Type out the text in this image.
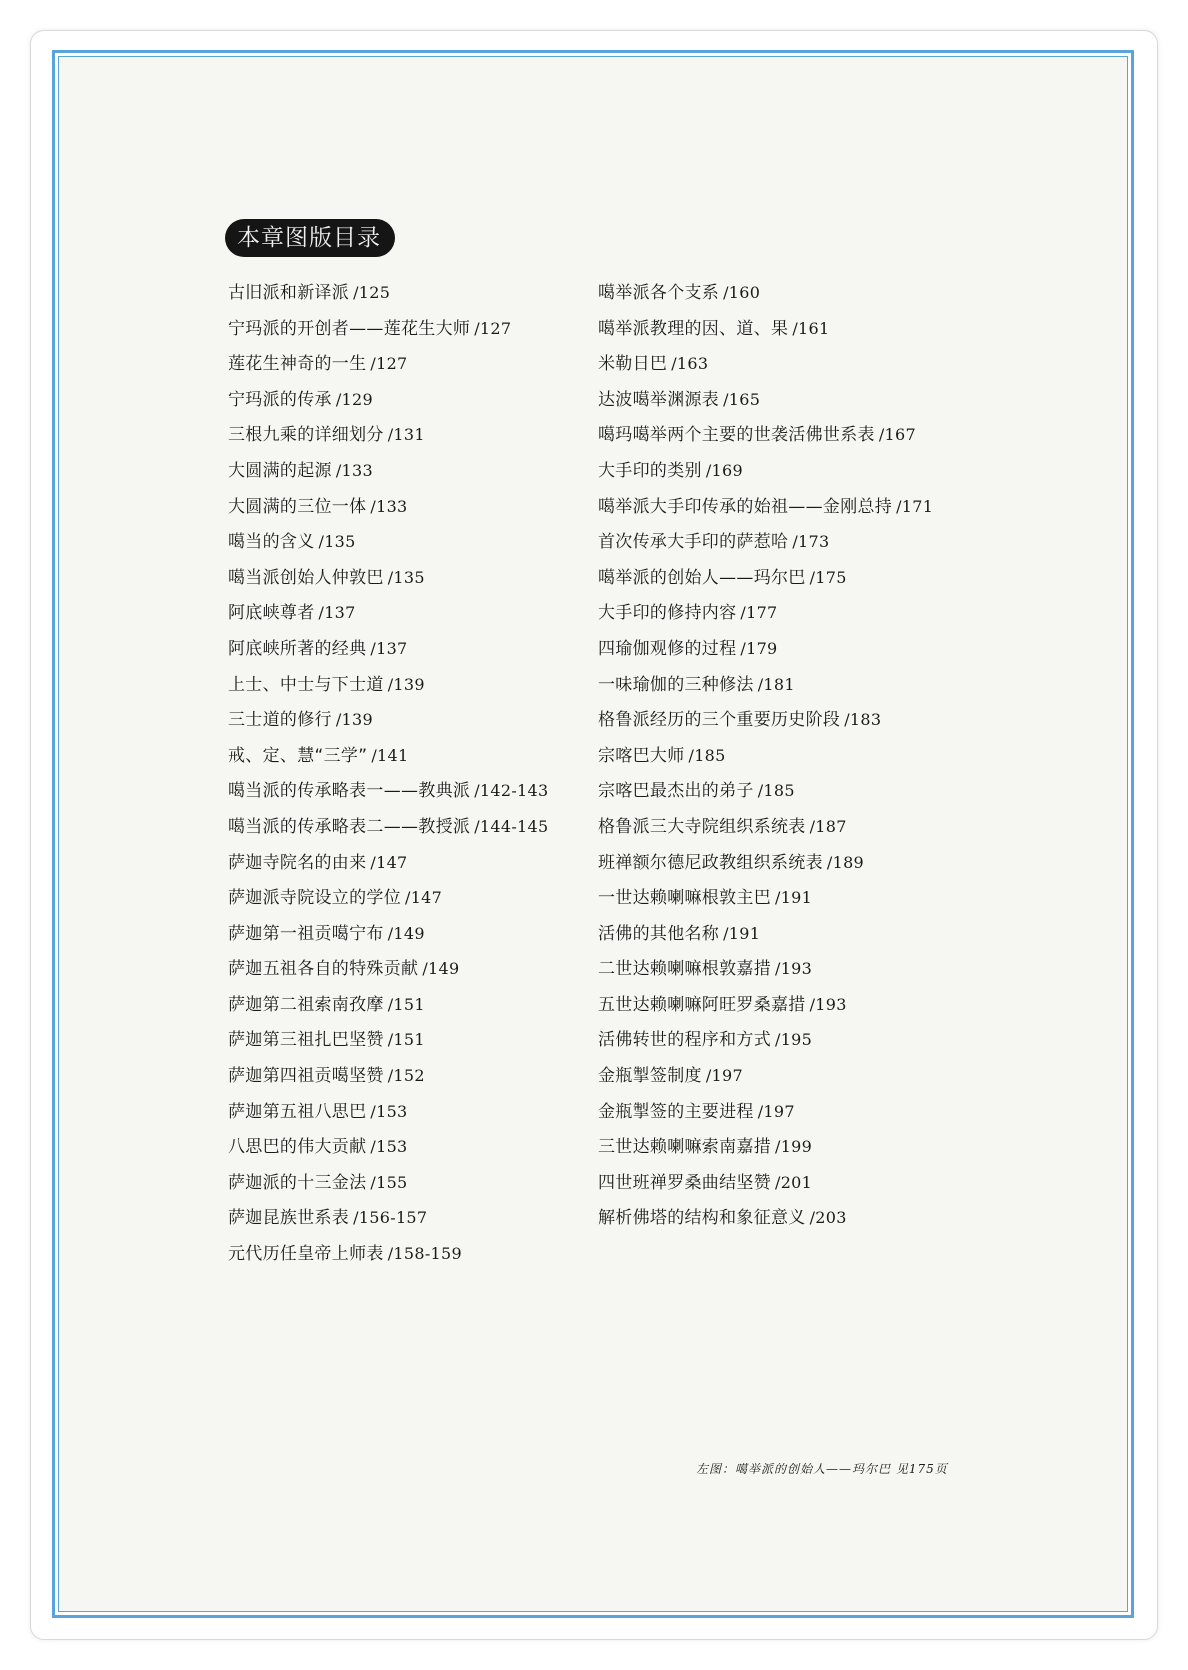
本章图版目录
古旧派和新译派 /125
宁玛派的开创者——莲花生大师 /127
莲花生神奇的一生 /127
宁玛派的传承 /129
三根九乘的详细划分 /131
大圆满的起源 /133
大圆满的三位一体 /133
噶当的含义 /135
噶当派创始人仲敦巴 /135
阿底峡尊者 /137
阿底峡所著的经典 /137
上士、中士与下士道 /139
三士道的修行 /139
戒、定、慧“三学” /141
噶当派的传承略表一——教典派 /142-143
噶当派的传承略表二——教授派 /144-145
萨迦寺院名的由来 /147
萨迦派寺院设立的学位 /147
萨迦第一祖贡噶宁布 /149
萨迦五祖各自的特殊贡献 /149
萨迦第二祖索南孜摩 /151
萨迦第三祖扎巴坚赞 /151
萨迦第四祖贡噶坚赞 /152
萨迦第五祖八思巴 /153
八思巴的伟大贡献 /153
萨迦派的十三金法 /155
萨迦昆族世系表 /156-157
元代历任皇帝上师表 /158-159
噶举派各个支系 /160
噶举派教理的因、道、果 /161
米勒日巴 /163
达波噶举渊源表 /165
噶玛噶举两个主要的世袭活佛世系表 /167
大手印的类别 /169
噶举派大手印传承的始祖——金刚总持 /171
首次传承大手印的萨惹哈 /173
噶举派的创始人——玛尔巴 /175
大手印的修持内容 /177
四瑜伽观修的过程 /179
一味瑜伽的三种修法 /181
格鲁派经历的三个重要历史阶段 /183
宗喀巴大师 /185
宗喀巴最杰出的弟子 /185
格鲁派三大寺院组织系统表 /187
班禅额尔德尼政教组织系统表 /189
一世达赖喇嘛根敦主巴 /191
活佛的其他名称 /191
二世达赖喇嘛根敦嘉措 /193
五世达赖喇嘛阿旺罗桑嘉措 /193
活佛转世的程序和方式 /195
金瓶掣签制度 /197
金瓶掣签的主要进程 /197
三世达赖喇嘛索南嘉措 /199
四世班禅罗桑曲结坚赞 /201
解析佛塔的结构和象征意义 /203
左图：噶举派的创始人——玛尔巴 见175页
